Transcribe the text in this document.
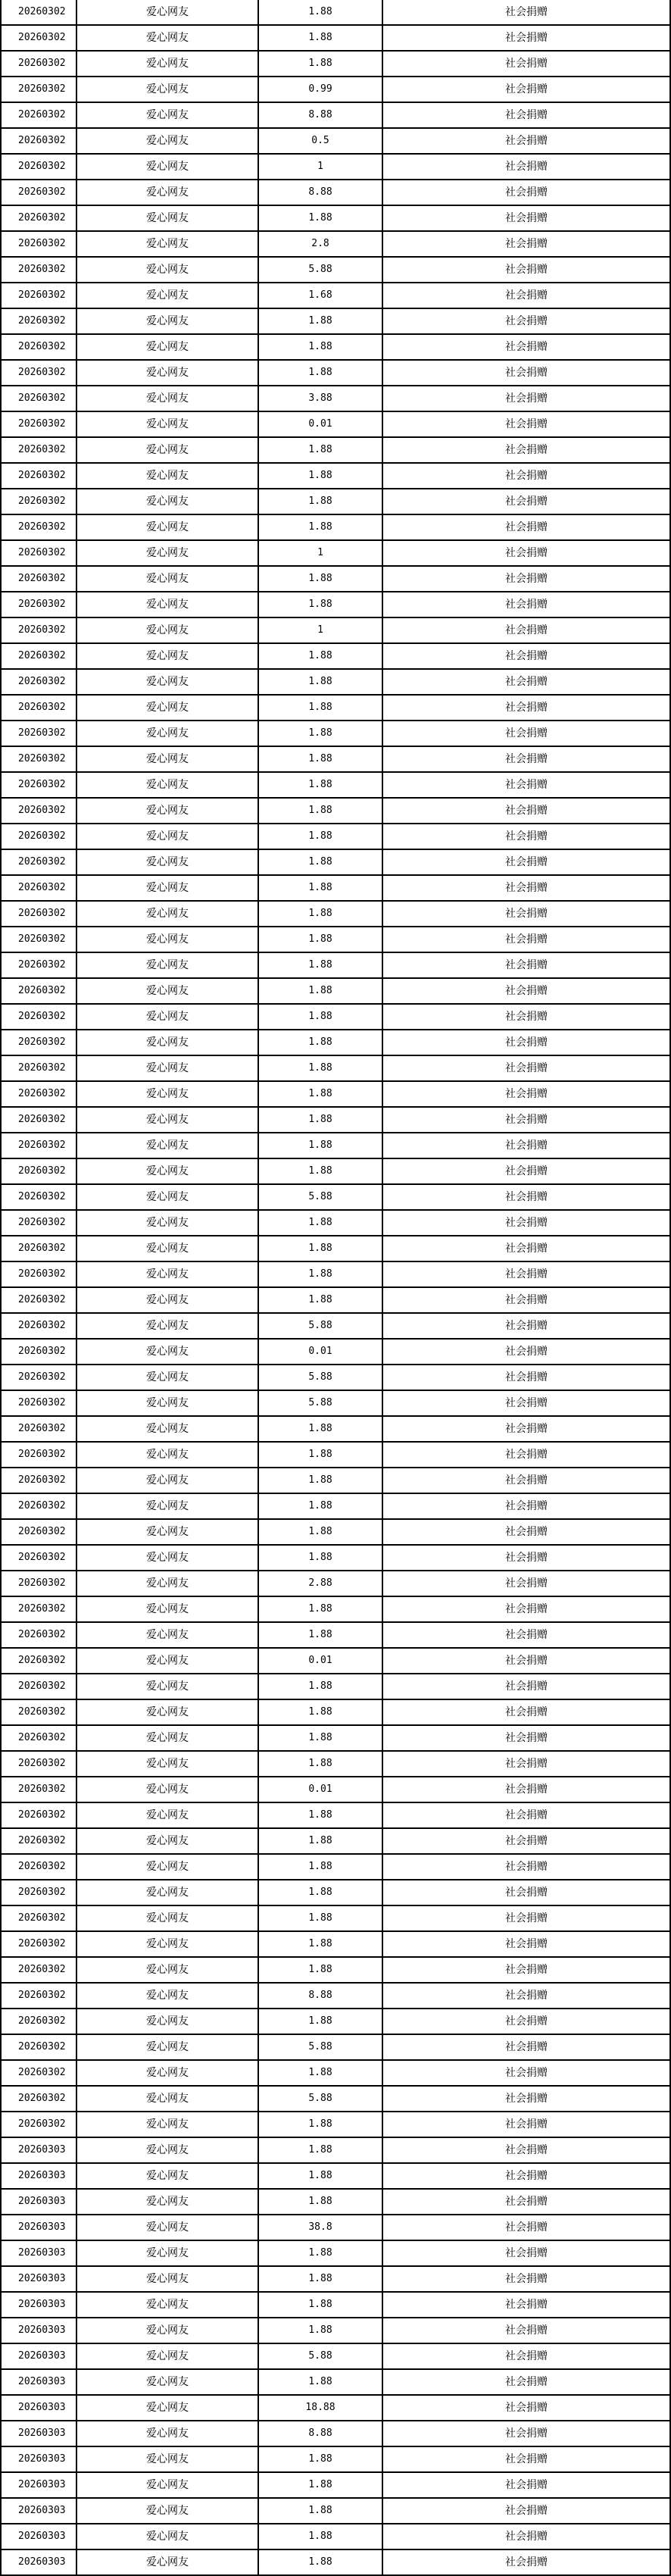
20260302	爱心网友	1.88	社会捐赠
20260302	爱心网友	1.88	社会捐赠
20260302	爱心网友	1.88	社会捐赠
20260302	爱心网友	0.99	社会捐赠
20260302	爱心网友	8.88	社会捐赠
20260302	爱心网友	0.5	社会捐赠
20260302	爱心网友	1	社会捐赠
20260302	爱心网友	8.88	社会捐赠
20260302	爱心网友	1.88	社会捐赠
20260302	爱心网友	2.8	社会捐赠
20260302	爱心网友	5.88	社会捐赠
20260302	爱心网友	1.68	社会捐赠
20260302	爱心网友	1.88	社会捐赠
20260302	爱心网友	1.88	社会捐赠
20260302	爱心网友	1.88	社会捐赠
20260302	爱心网友	3.88	社会捐赠
20260302	爱心网友	0.01	社会捐赠
20260302	爱心网友	1.88	社会捐赠
20260302	爱心网友	1.88	社会捐赠
20260302	爱心网友	1.88	社会捐赠
20260302	爱心网友	1.88	社会捐赠
20260302	爱心网友	1	社会捐赠
20260302	爱心网友	1.88	社会捐赠
20260302	爱心网友	1.88	社会捐赠
20260302	爱心网友	1	社会捐赠
20260302	爱心网友	1.88	社会捐赠
20260302	爱心网友	1.88	社会捐赠
20260302	爱心网友	1.88	社会捐赠
20260302	爱心网友	1.88	社会捐赠
20260302	爱心网友	1.88	社会捐赠
20260302	爱心网友	1.88	社会捐赠
20260302	爱心网友	1.88	社会捐赠
20260302	爱心网友	1.88	社会捐赠
20260302	爱心网友	1.88	社会捐赠
20260302	爱心网友	1.88	社会捐赠
20260302	爱心网友	1.88	社会捐赠
20260302	爱心网友	1.88	社会捐赠
20260302	爱心网友	1.88	社会捐赠
20260302	爱心网友	1.88	社会捐赠
20260302	爱心网友	1.88	社会捐赠
20260302	爱心网友	1.88	社会捐赠
20260302	爱心网友	1.88	社会捐赠
20260302	爱心网友	1.88	社会捐赠
20260302	爱心网友	1.88	社会捐赠
20260302	爱心网友	1.88	社会捐赠
20260302	爱心网友	1.88	社会捐赠
20260302	爱心网友	5.88	社会捐赠
20260302	爱心网友	1.88	社会捐赠
20260302	爱心网友	1.88	社会捐赠
20260302	爱心网友	1.88	社会捐赠
20260302	爱心网友	1.88	社会捐赠
20260302	爱心网友	5.88	社会捐赠
20260302	爱心网友	0.01	社会捐赠
20260302	爱心网友	5.88	社会捐赠
20260302	爱心网友	5.88	社会捐赠
20260302	爱心网友	1.88	社会捐赠
20260302	爱心网友	1.88	社会捐赠
20260302	爱心网友	1.88	社会捐赠
20260302	爱心网友	1.88	社会捐赠
20260302	爱心网友	1.88	社会捐赠
20260302	爱心网友	1.88	社会捐赠
20260302	爱心网友	2.88	社会捐赠
20260302	爱心网友	1.88	社会捐赠
20260302	爱心网友	1.88	社会捐赠
20260302	爱心网友	0.01	社会捐赠
20260302	爱心网友	1.88	社会捐赠
20260302	爱心网友	1.88	社会捐赠
20260302	爱心网友	1.88	社会捐赠
20260302	爱心网友	1.88	社会捐赠
20260302	爱心网友	0.01	社会捐赠
20260302	爱心网友	1.88	社会捐赠
20260302	爱心网友	1.88	社会捐赠
20260302	爱心网友	1.88	社会捐赠
20260302	爱心网友	1.88	社会捐赠
20260302	爱心网友	1.88	社会捐赠
20260302	爱心网友	1.88	社会捐赠
20260302	爱心网友	1.88	社会捐赠
20260302	爱心网友	8.88	社会捐赠
20260302	爱心网友	1.88	社会捐赠
20260302	爱心网友	5.88	社会捐赠
20260302	爱心网友	1.88	社会捐赠
20260302	爱心网友	5.88	社会捐赠
20260302	爱心网友	1.88	社会捐赠
20260303	爱心网友	1.88	社会捐赠
20260303	爱心网友	1.88	社会捐赠
20260303	爱心网友	1.88	社会捐赠
20260303	爱心网友	38.8	社会捐赠
20260303	爱心网友	1.88	社会捐赠
20260303	爱心网友	1.88	社会捐赠
20260303	爱心网友	1.88	社会捐赠
20260303	爱心网友	1.88	社会捐赠
20260303	爱心网友	5.88	社会捐赠
20260303	爱心网友	1.88	社会捐赠
20260303	爱心网友	18.88	社会捐赠
20260303	爱心网友	8.88	社会捐赠
20260303	爱心网友	1.88	社会捐赠
20260303	爱心网友	1.88	社会捐赠
20260303	爱心网友	1.88	社会捐赠
20260303	爱心网友	1.88	社会捐赠
20260303	爱心网友	1.88	社会捐赠
